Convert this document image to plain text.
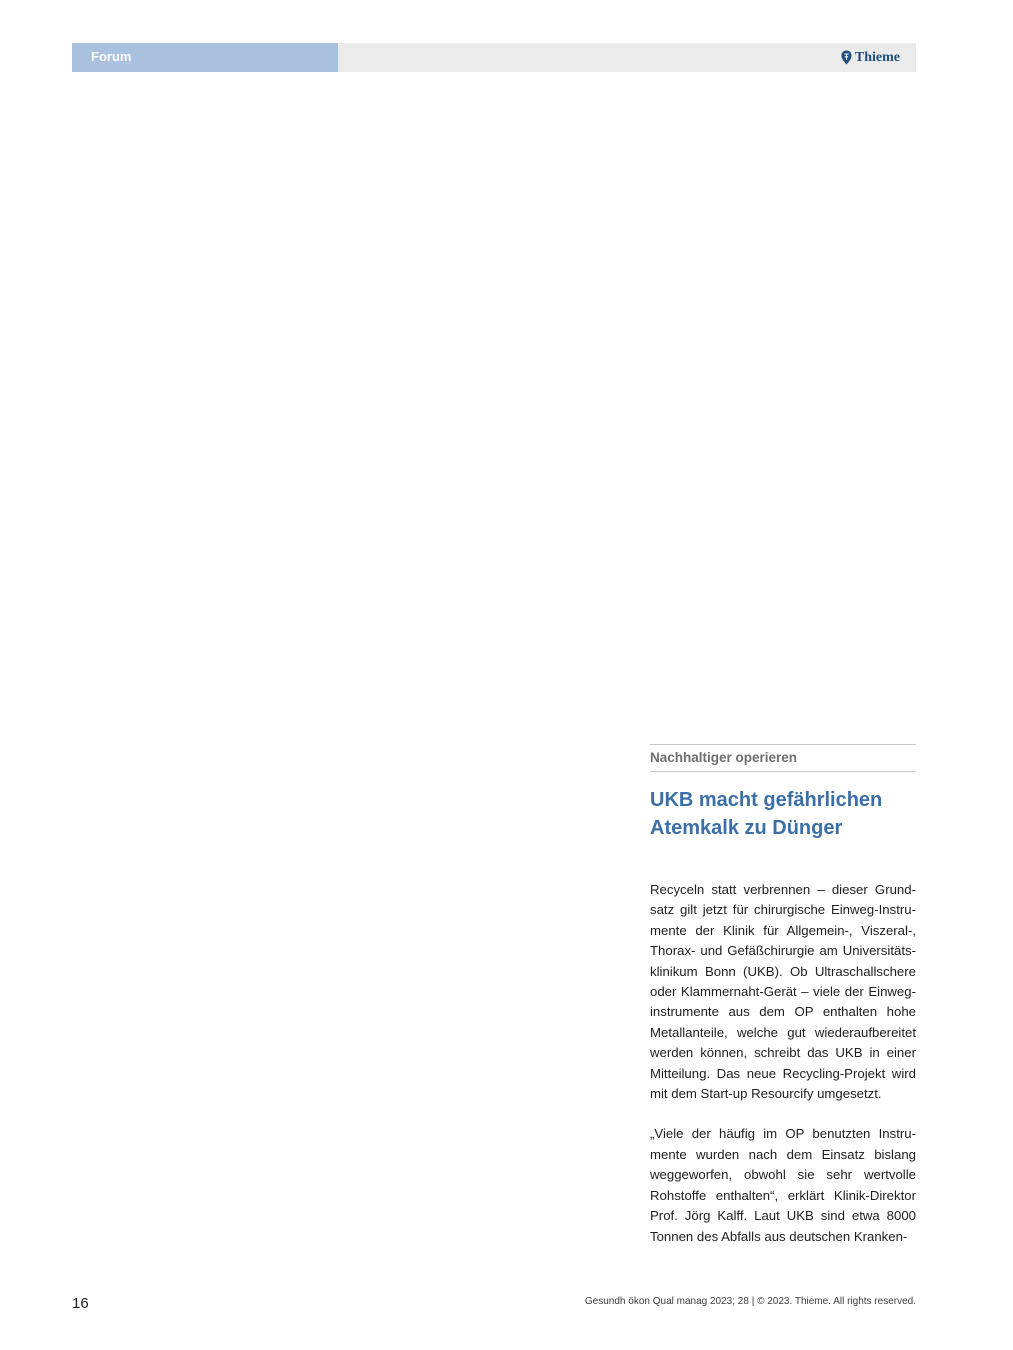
Forum	Thieme
Nachhaltiger operieren
UKB macht gefährlichen Atemkalk zu Dünger

Recyceln statt verbrennen – dieser Grundsatz gilt jetzt für chirurgische Einweg-Instrumente der Klinik für Allgemein-, Viszeral-, Thorax- und Gefäßchirurgie am Universitätsklinikum Bonn (UKB). Ob Ultraschallschere oder Klammernaht-Gerät – viele der Einweginstrumente aus dem OP enthalten hohe Metallanteile, welche gut wiederaufbereitet werden können, schreibt das UKB in einer Mitteilung. Das neue Recycling-Projekt wird mit dem Start-up Resourcify umgesetzt.

„Viele der häufig im OP benutzten Instrumente wurden nach dem Einsatz bislang weggeworfen, obwohl sie sehr wertvolle Rohstoffe enthalten“, erklärt Klinik-Direktor Prof. Jörg Kalff. Laut UKB sind etwa 8000 Tonnen des Abfalls aus deutschen Kranken-

16	Gesundh ökon Qual manag 2023; 28 | © 2023. Thieme. All rights reserved.
